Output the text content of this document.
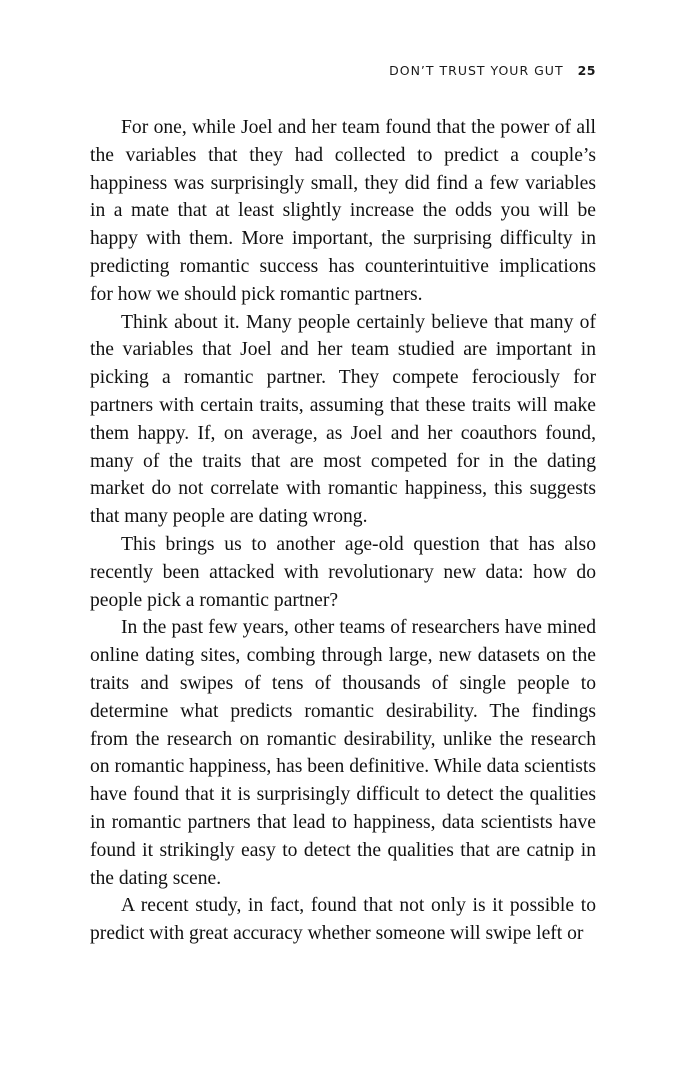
DON’T TRUST YOUR GUT 25

For one, while Joel and her team found that the power of all the variables that they had collected to predict a couple’s happiness was surprisingly small, they did find a few variables in a mate that at least slightly increase the odds you will be happy with them. More important, the surprising difficulty in predicting romantic success has counterintuitive implications for how we should pick romantic partners.

Think about it. Many people certainly believe that many of the variables that Joel and her team studied are important in picking a romantic partner. They compete ferociously for partners with certain traits, assuming that these traits will make them happy. If, on average, as Joel and her coauthors found, many of the traits that are most competed for in the dating market do not correlate with romantic happiness, this suggests that many people are dating wrong.

This brings us to another age-old question that has also recently been attacked with revolutionary new data: how do people pick a romantic partner?

In the past few years, other teams of researchers have mined online dating sites, combing through large, new datasets on the traits and swipes of tens of thousands of single people to determine what predicts romantic desirability. The findings from the research on romantic desirability, unlike the research on romantic happiness, has been definitive. While data scientists have found that it is surprisingly difficult to detect the qualities in romantic partners that lead to happiness, data scientists have found it strikingly easy to detect the qualities that are catnip in the dating scene.

A recent study, in fact, found that not only is it possible to predict with great accuracy whether someone will swipe left or
